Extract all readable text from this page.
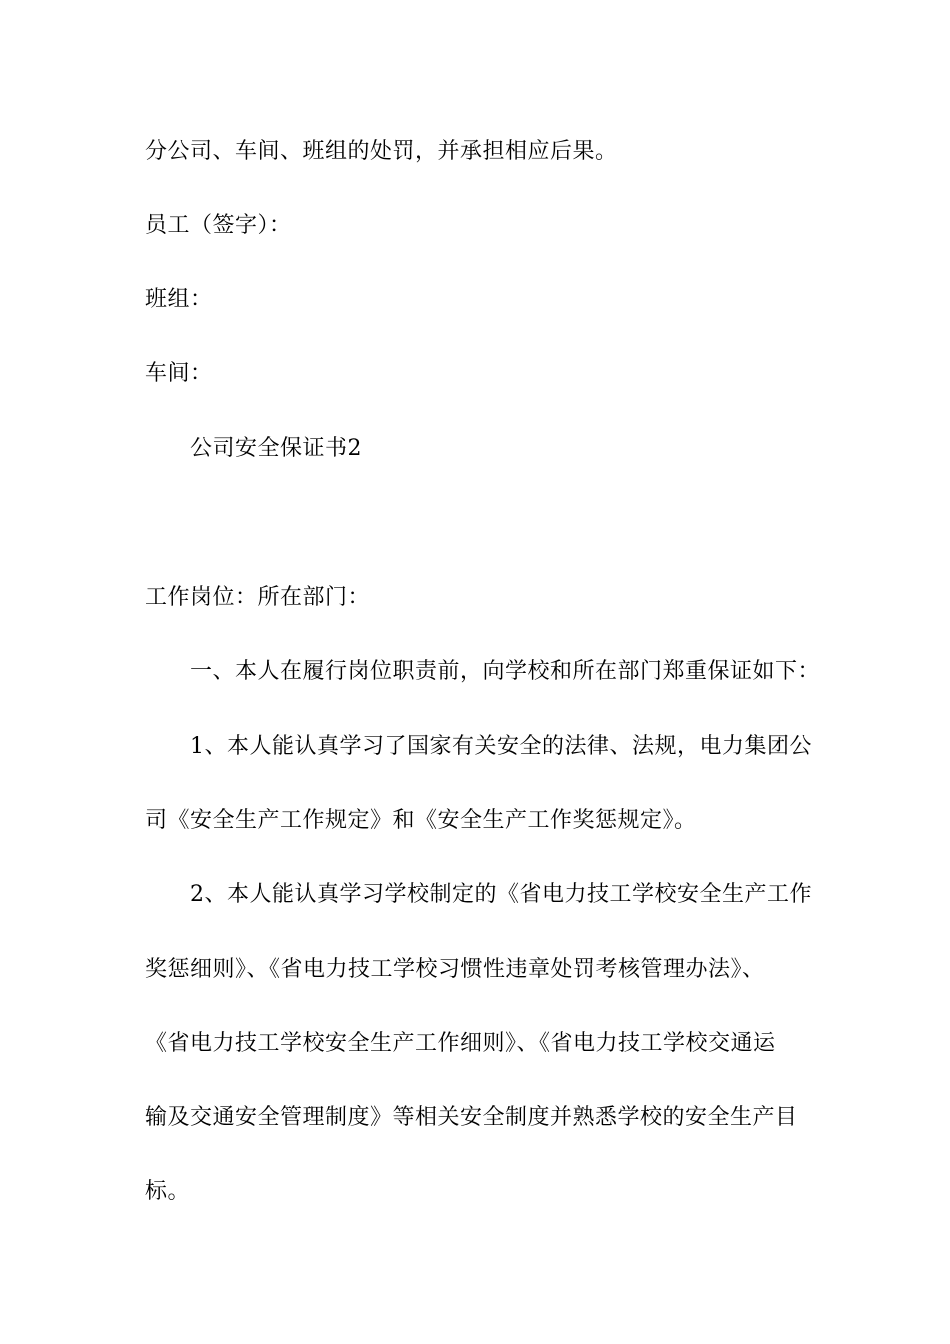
分公司、车间、班组的处罚，并承担相应后果。
员工（签字）：
班组：
车间：
公司安全保证书2
工作岗位：所在部门：
一、本人在履行岗位职责前，向学校和所在部门郑重保证如下：
1、本人能认真学习了国家有关安全的法律、法规，电力集团公
司《安全生产工作规定》和《安全生产工作奖惩规定》。
2、本人能认真学习学校制定的《省电力技工学校安全生产工作
奖惩细则》、《省电力技工学校习惯性违章处罚考核管理办法》、
《省电力技工学校安全生产工作细则》、《省电力技工学校交通运
输及交通安全管理制度》等相关安全制度并熟悉学校的安全生产目
标。
